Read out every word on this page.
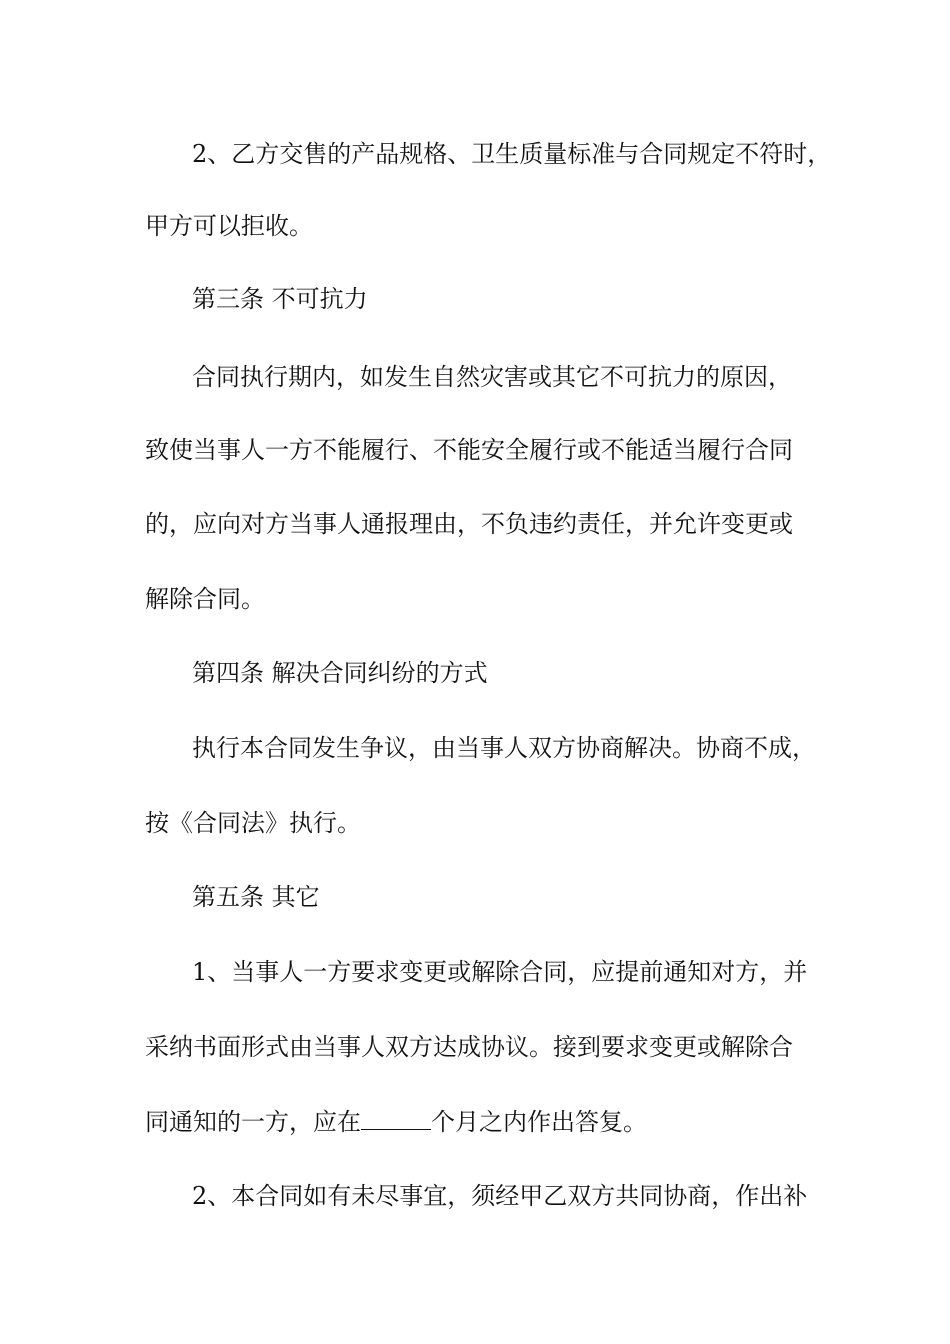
2、乙方交售的产品规格、卫生质量标准与合同规定不符时，
甲方可以拒收。
第三条 不可抗力
合同执行期内，如发生自然灾害或其它不可抗力的原因，
致使当事人一方不能履行、不能安全履行或不能适当履行合同
的，应向对方当事人通报理由，不负违约责任，并允许变更或
解除合同。
第四条 解决合同纠纷的方式
执行本合同发生争议，由当事人双方协商解决。协商不成，
按《合同法》执行。
第五条 其它
1、当事人一方要求变更或解除合同，应提前通知对方，并
采纳书面形式由当事人双方达成协议。接到要求变更或解除合
同通知的一方，应在	个月之内作出答复。
2、本合同如有未尽事宜，须经甲乙双方共同协商，作出补
